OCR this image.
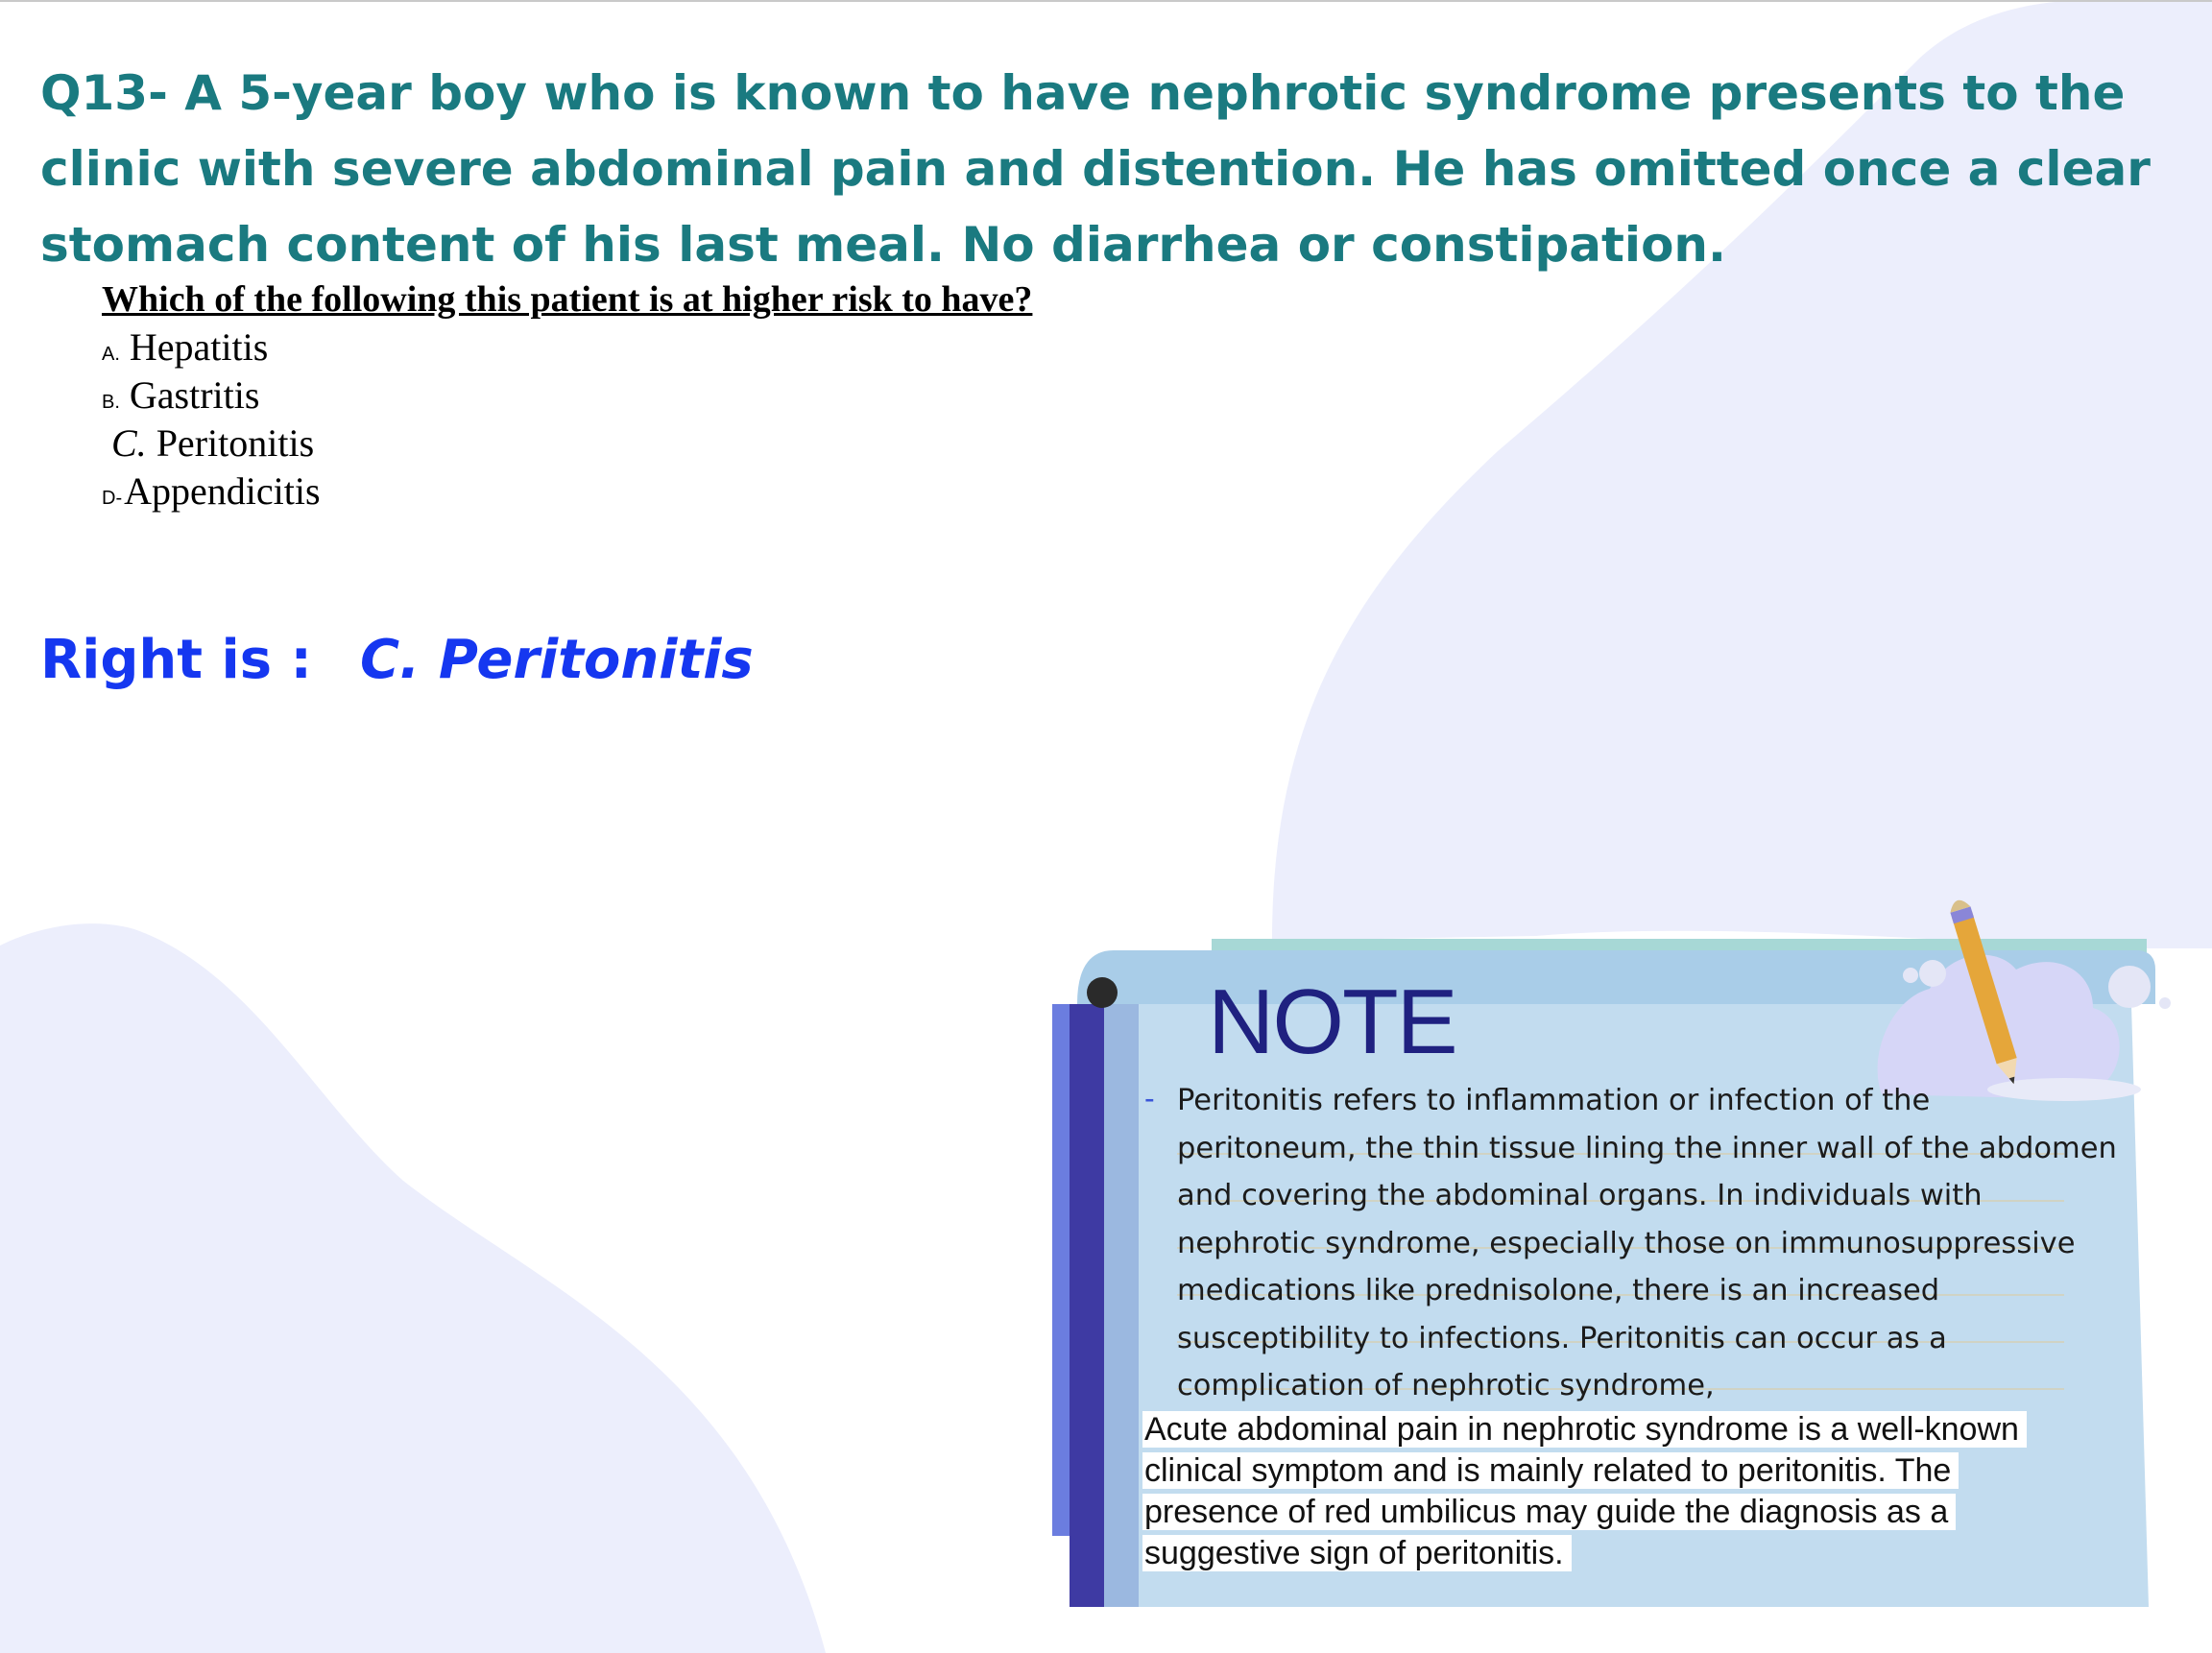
Q13- A 5-year boy who is known to have nephrotic syndrome presents to the clinic with severe abdominal pain and distention. He has omitted once a clear stomach content of his last meal. No diarrhea or constipation.

Which of the following this patient is at higher risk to have?
A. Hepatitis
B. Gastritis
C. Peritonitis
D-Appendicitis
Right is : C. Peritonitis
NOTE
- Peritonitis refers to inflammation or infection of the peritoneum, the thin tissue lining the inner wall of the abdomen and covering the abdominal organs. In individuals with nephrotic syndrome, especially those on immunosuppressive medications like prednisolone, there is an increased susceptibility to infections. Peritonitis can occur as a complication of nephrotic syndrome,

Acute abdominal pain in nephrotic syndrome is a well-known clinical symptom and is mainly related to peritonitis. The presence of red umbilicus may guide the diagnosis as a suggestive sign of peritonitis.
